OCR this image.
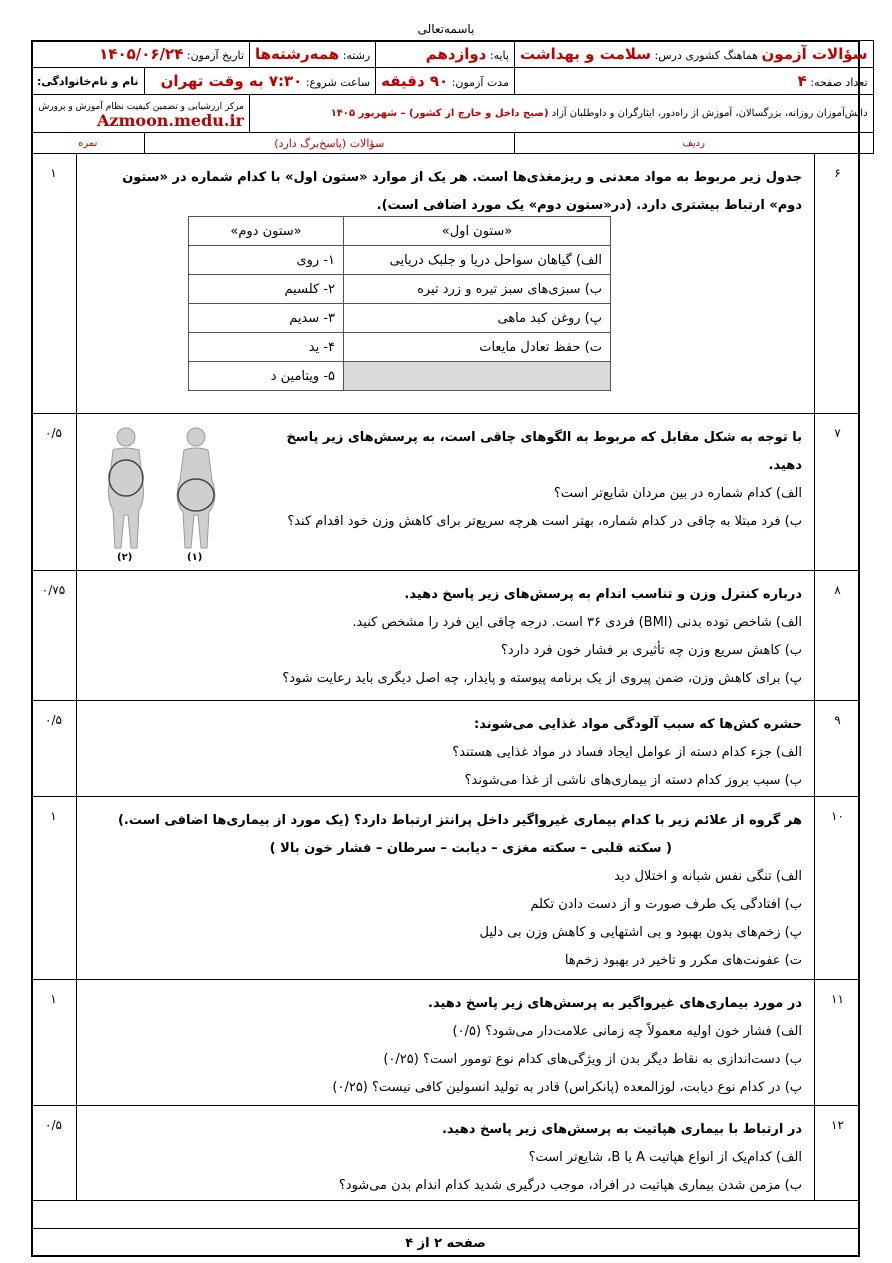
باسمه‌تعالی
سؤالات آزمون هماهنگ کشوری درس: سلامت و بهداشت	پایه: دوازدهم	رشته: همه‌رشته‌ها	تاریخ آزمون: ۱۴۰۵/۰۶/۲۴	
تعداد صفحه: ۴	مدت آزمون: ۹۰ دقیقه	ساعت شروع: ۷:۳۰ به وقت تهران		نام و نام‌خانوادگی:
دانش‌آموزان روزانه، بزرگسالان، آموزش از راه‌دور، ایثارگران و داوطلبان آزاد (صبح داخل و خارج از کشور) – شهریور ۱۴۰۵			مرکز ارزشیابی و تضمین کیفیت نظام آموزش و پرورش
Azmoon.medu.ir	

ردیف	سؤالات (پاسخ‌برگ دارد)			نمره
۶
۱	جدول زیر مربوط به مواد معدنی و ریزمغذی‌ها است. هر یک از موارد «ستون اول» با کدام شماره در «ستون دوم» ارتباط بیشتری دارد. (در«ستون دوم» یک مورد اضافی است).
«ستون اول»	«ستون دوم»
الف) گیاهان سواحل دریا و جلبک دریایی	۱- روی
ب) سبزی‌های سبز تیره و زرد تیره	۲- کلسیم
پ) روغن کبد ماهی	۳- سدیم
ت) حفظ تعادل مایعات	۴- ید
	۵- ویتامین د
۷
۰/۵	با توجه به شکل مقابل که مربوط به الگوهای چاقی است، به پرسش‌های زیر پاسخ دهید.
الف) کدام شماره در بین مردان شایع‌تر است؟
ب) فرد مبتلا به چاقی در کدام شماره، بهتر است هرچه سریع‌تر برای کاهش وزن خود اقدام کند؟
(۲)	(۱)
۸
۰/۷۵	درباره کنترل وزن و تناسب اندام به پرسش‌های زیر پاسخ دهید.
الف) شاخص توده بدنی (BMI) فردی ۳۶ است. درجه چاقی این فرد را مشخص کنید.
ب) کاهش سریع وزن چه تأثیری بر فشار خون فرد دارد؟
پ) برای کاهش وزن، ضمن پیروی از یک برنامه پیوسته و پایدار، چه اصل دیگری باید رعایت شود؟
۹
۰/۵	حشره کش‌ها که سبب آلودگی مواد غذایی می‌شوند:
الف) جزء کدام دسته از عوامل ایجاد فساد در مواد غذایی هستند؟
ب) سبب بروز کدام دسته از بیماری‌های ناشی از غذا می‌شوند؟
۱۰
۱	هر گروه از علائم زیر با کدام بیماری غیرواگیر داخل پرانتز ارتباط دارد؟ (یک مورد از بیماری‌ها اضافی است.)
( سکته قلبی – سکته مغزی – دیابت – سرطان – فشار خون بالا )
الف) تنگی نفس شبانه و اختلال دید
ب) افتادگی یک طرف صورت و از دست دادن تکلم
پ) زخم‌های بدون بهبود و بی اشتهایی و کاهش وزن بی دلیل
ت) عفونت‌های مکرر و تاخیر در بهبود زخم‌ها
۱۱
۱	در مورد بیماری‌های غیرواگیر به پرسش‌های زیر پاسخ دهید.
الف) فشار خون اولیه معمولاً چه زمانی علامت‌دار می‌شود؟ (۰/۵)
ب) دست‌اندازی به نقاط دیگر بدن از ویژگی‌های کدام نوع تومور است؟ (۰/۲۵)
پ) در کدام نوع دیابت، لوزالمعده (پانکراس) قادر به تولید انسولین کافی نیست؟ (۰/۲۵)
۱۲
۰/۵	در ارتباط با بیماری هپاتیت به پرسش‌های زیر پاسخ دهید.
الف) کدام‌یک از انواع هپاتیت A یا B، شایع‌تر است؟
ب) مزمن شدن بیماری هپاتیت در افراد، موجب درگیری شدید کدام اندام بدن می‌شود؟
صفحه ۲ از ۴
